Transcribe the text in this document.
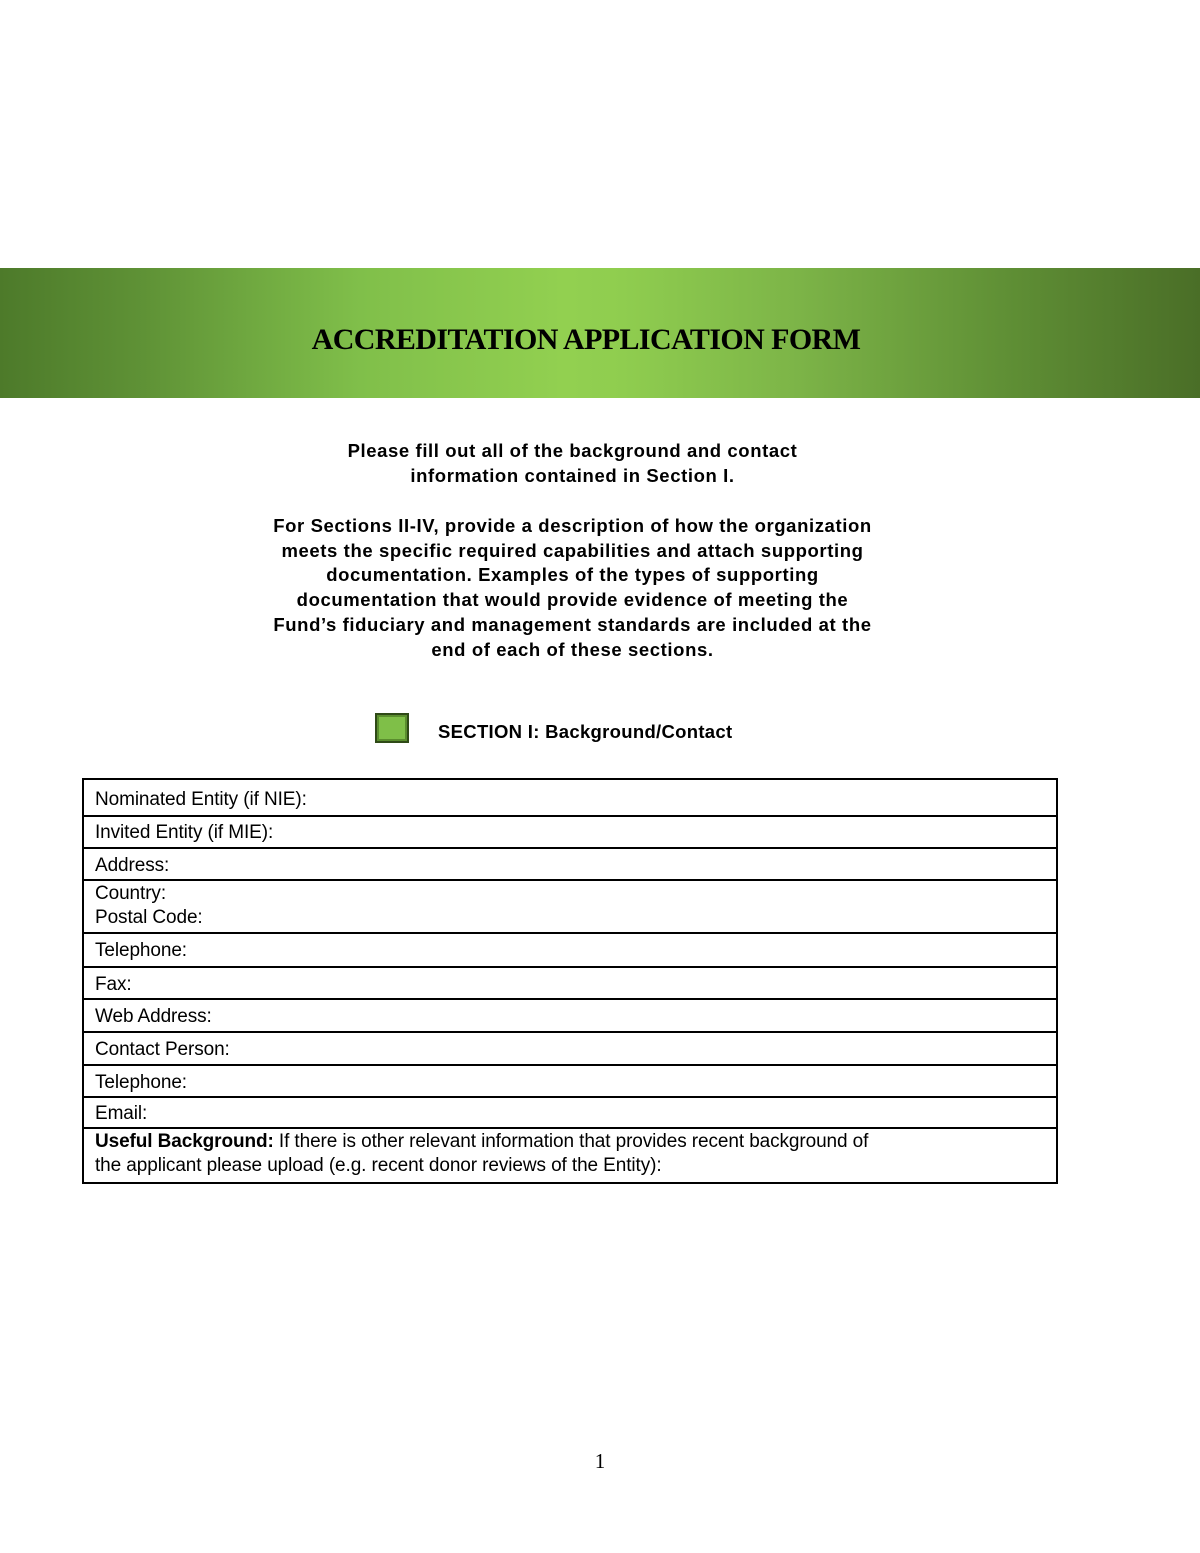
ACCREDITATION APPLICATION FORM

Please fill out all of the background and contact
information contained in Section I.

For Sections II-IV, provide a description of how the organization
meets the specific required capabilities and attach supporting
documentation. Examples of the types of supporting
documentation that would provide evidence of meeting the
Fund’s fiduciary and management standards are included at the
end of each of these sections.

SECTION I: Background/Contact
Nominated Entity (if NIE):
Invited Entity (if MIE):
Address:
Country:
Postal Code:
Telephone:
Fax:
Web Address:
Contact Person:
Telephone:
Email:
Useful Background: If there is other relevant information that provides recent background of
the applicant please upload (e.g. recent donor reviews of the Entity):

1
